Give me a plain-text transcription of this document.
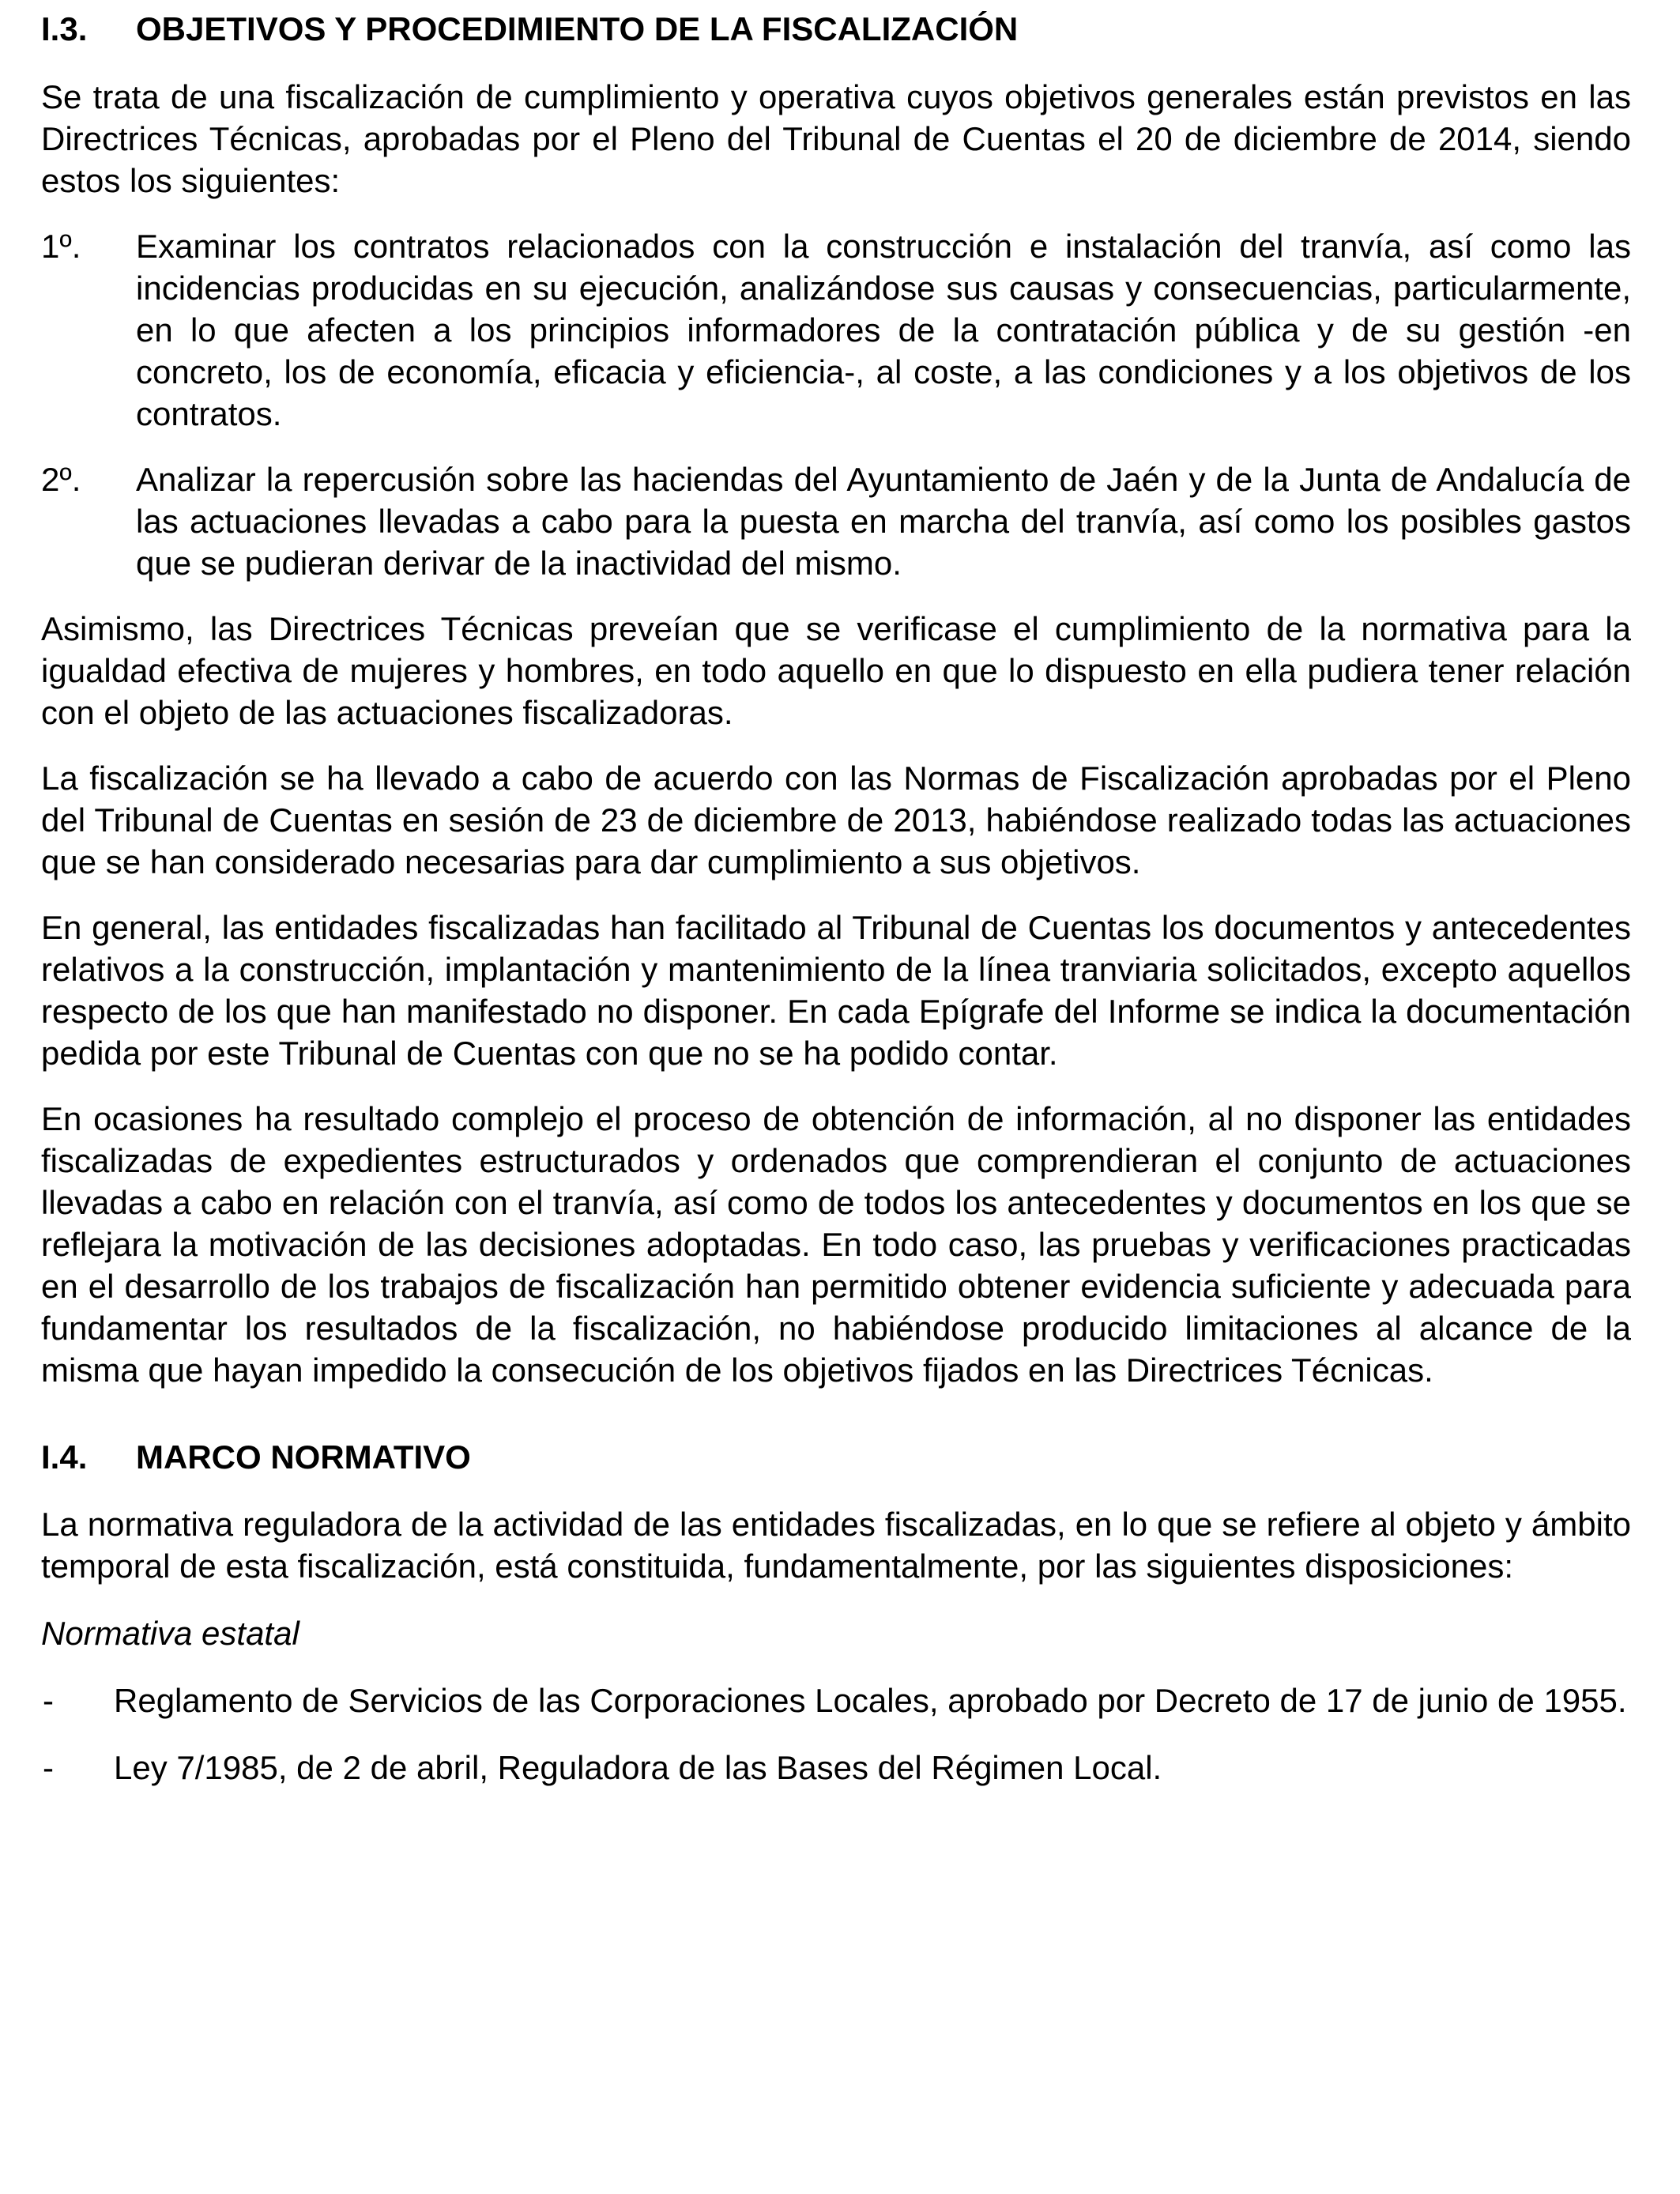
I.3.	OBJETIVOS Y PROCEDIMIENTO DE LA FISCALIZACIÓN

Se trata de una fiscalización de cumplimiento y operativa cuyos objetivos generales están previstos en las Directrices Técnicas, aprobadas por el Pleno del Tribunal de Cuentas el 20 de diciembre de 2014, siendo estos los siguientes:

1º.	Examinar los contratos relacionados con la construcción e instalación del tranvía, así como las incidencias producidas en su ejecución, analizándose sus causas y consecuencias, particularmente, en lo que afecten a los principios informadores de la contratación pública y de su gestión -en concreto, los de economía, eficacia y eficiencia-, al coste, a las condiciones y a los objetivos de los contratos.
2º.	Analizar la repercusión sobre las haciendas del Ayuntamiento de Jaén y de la Junta de Andalucía de las actuaciones llevadas a cabo para la puesta en marcha del tranvía, así como los posibles gastos que se pudieran derivar de la inactividad del mismo.

Asimismo, las Directrices Técnicas preveían que se verificase el cumplimiento de la normativa para la igualdad efectiva de mujeres y hombres, en todo aquello en que lo dispuesto en ella pudiera tener relación con el objeto de las actuaciones fiscalizadoras.

La fiscalización se ha llevado a cabo de acuerdo con las Normas de Fiscalización aprobadas por el Pleno del Tribunal de Cuentas en sesión de 23 de diciembre de 2013, habiéndose realizado todas las actuaciones que se han considerado necesarias para dar cumplimiento a sus objetivos.

En general, las entidades fiscalizadas han facilitado al Tribunal de Cuentas los documentos y antecedentes relativos a la construcción, implantación y mantenimiento de la línea tranviaria solicitados, excepto aquellos respecto de los que han manifestado no disponer. En cada Epígrafe del Informe se indica la documentación pedida por este Tribunal de Cuentas con que no se ha podido contar.

En ocasiones ha resultado complejo el proceso de obtención de información, al no disponer las entidades fiscalizadas de expedientes estructurados y ordenados que comprendieran el conjunto de actuaciones llevadas a cabo en relación con el tranvía, así como de todos los antecedentes y documentos en los que se reflejara la motivación de las decisiones adoptadas. En todo caso, las pruebas y verificaciones practicadas en el desarrollo de los trabajos de fiscalización han permitido obtener evidencia suficiente y adecuada para fundamentar los resultados de la fiscalización, no habiéndose producido limitaciones al alcance de la misma que hayan impedido la consecución de los objetivos fijados en las Directrices Técnicas.

I.4.	MARCO NORMATIVO

La normativa reguladora de la actividad de las entidades fiscalizadas, en lo que se refiere al objeto y ámbito temporal de esta fiscalización, está constituida, fundamentalmente, por las siguientes disposiciones:

Normativa estatal

-	Reglamento de Servicios de las Corporaciones Locales, aprobado por Decreto de 17 de junio de 1955.
-	Ley 7/1985, de 2 de abril, Reguladora de las Bases del Régimen Local.
